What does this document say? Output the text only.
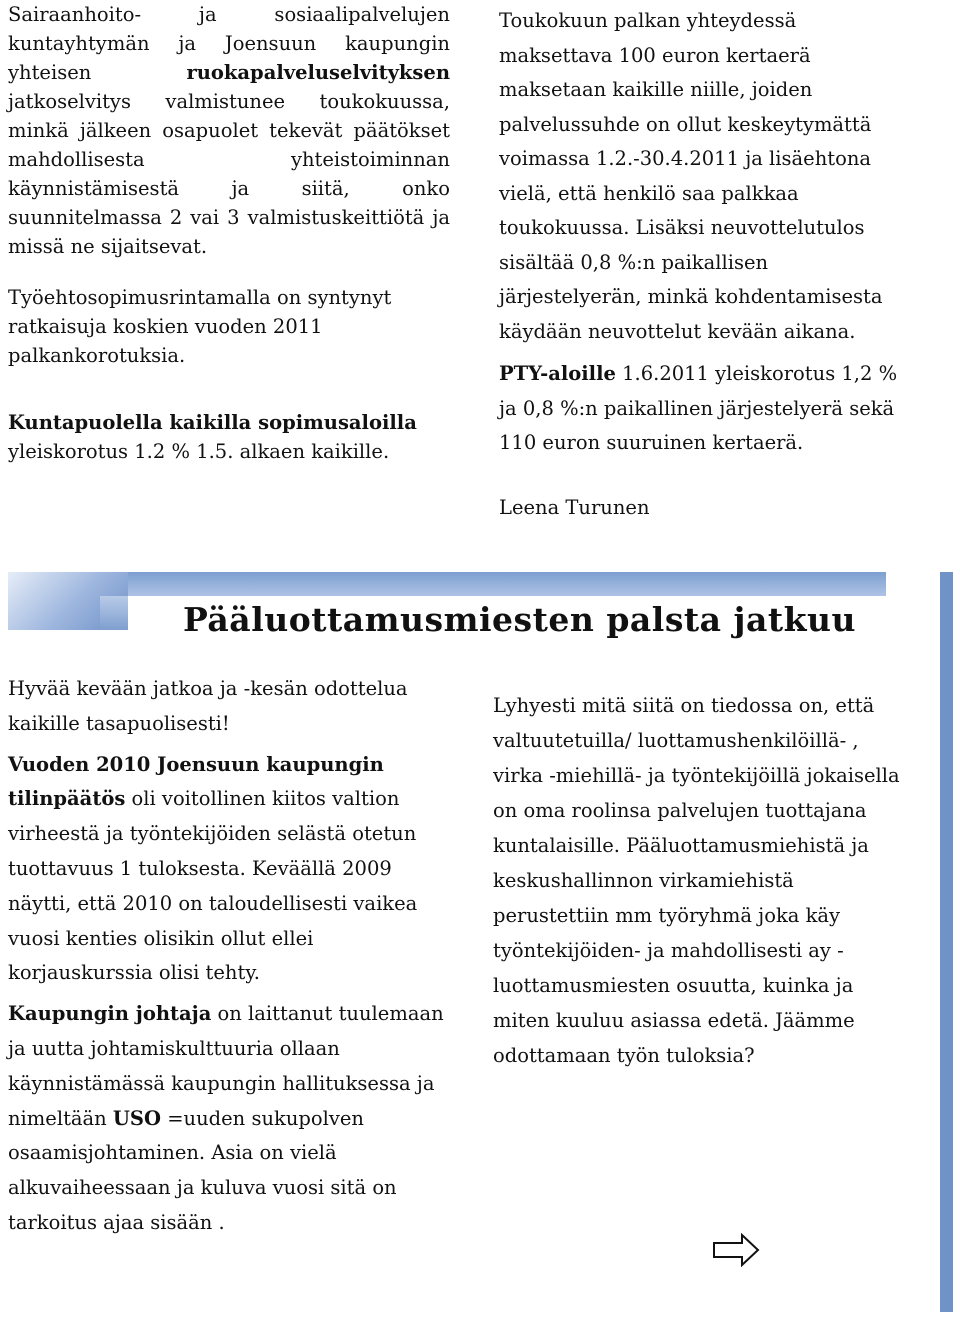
Sairaanhoito- ja sosiaalipalvelujen kuntayhtymän ja Joensuun kaupungin yhteisen	ruokapalveluselvityksen jatkoselvitys valmistunee toukokuussa, minkä jälkeen osapuolet tekevät päätökset mahdollisesta yhteistoiminnan käynnistämisestä ja siitä, onko suunnitelmassa 2 vai 3 valmistuskeittiötä ja missä ne sijaitsevat.

Työehtosopimusrintamalla on syntynyt ratkaisuja koskien vuoden 2011 palkankorotuksia.

Kuntapuolella kaikilla sopimusaloilla yleiskorotus 1.2 % 1.5. alkaen kaikille.

Toukokuun palkan yhteydessä maksettava 100 euron kertaerä maksetaan kaikille niille, joiden palvelussuhde on ollut keskeytymättä voimassa 1.2.-30.4.2011 ja lisäehtona vielä, että henkilö saa palkkaa toukokuussa. Lisäksi neuvottelutulos sisältää 0,8 %:n paikallisen järjestelyerän, minkä kohdentamisesta käydään neuvottelut kevään aikana.

PTY-aloille 1.6.2011 yleiskorotus 1,2 % ja 0,8 %:n paikallinen järjestelyerä sekä 110 euron suuruinen kertaerä.

Leena Turunen

Pääluottamusmiesten palsta jatkuu

Hyvää kevään jatkoa ja -kesän odottelua kaikille tasapuolisesti!

Vuoden 2010 Joensuun kaupungin tilinpäätös oli voitollinen kiitos valtion virheestä ja työntekijöiden selästä otetun tuottavuus 1 tuloksesta. Keväällä 2009 näytti, että 2010 on taloudellisesti vaikea vuosi kenties olisikin ollut ellei korjauskurssia olisi tehty.

Kaupungin johtaja on laittanut tuulemaan ja uutta johtamiskulttuuria ollaan käynnistämässä kaupungin hallituksessa ja nimeltään USO =uuden sukupolven osaamisjohtaminen. Asia on vielä alkuvaiheessaan ja kuluva vuosi sitä on tarkoitus ajaa sisään .

Lyhyesti mitä siitä on tiedossa on, että valtuutetuilla/ luottamushenkilöillä- , virka -miehillä- ja työntekijöillä jokaisella on oma roolinsa palvelujen tuottajana kuntalaisille. Pääluottamusmiehistä ja keskushallinnon virkamiehistä perustettiin mm työryhmä joka käy työntekijöiden- ja mahdollisesti ay -luottamusmiesten osuutta, kuinka ja miten kuuluu asiassa edetä. Jäämme odottamaan työn tuloksia?
